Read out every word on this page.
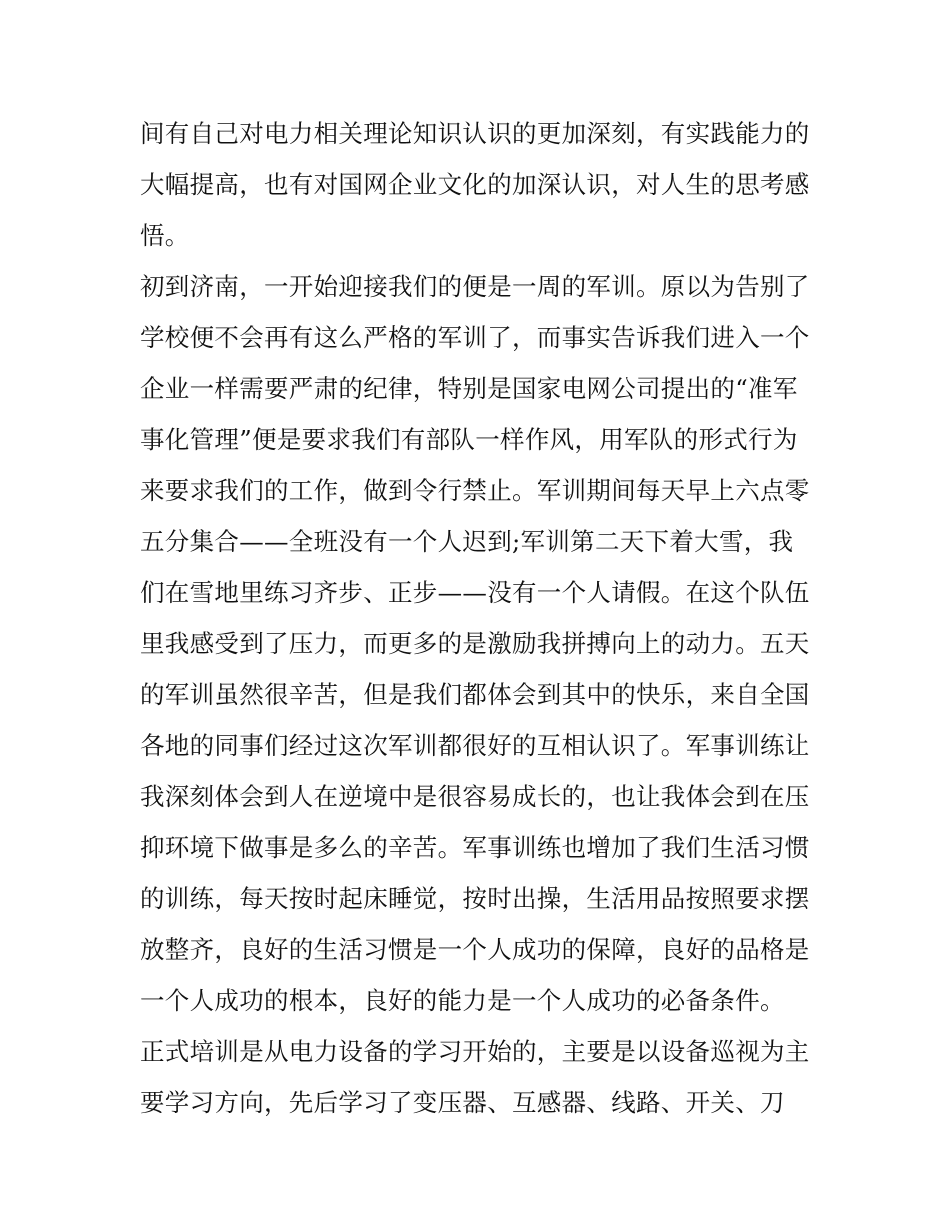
间有自己对电力相关理论知识认识的更加深刻，有实践能力的
大幅提高，也有对国网企业文化的加深认识，对人生的思考感
悟。
初到济南，一开始迎接我们的便是一周的军训。原以为告别了
学校便不会再有这么严格的军训了，而事实告诉我们进入一个
企业一样需要严肃的纪律，特别是国家电网公司提出的“准军
事化管理”便是要求我们有部队一样作风，用军队的形式行为
来要求我们的工作，做到令行禁止。军训期间每天早上六点零
五分集合——全班没有一个人迟到;军训第二天下着大雪，我
们在雪地里练习齐步、正步——没有一个人请假。在这个队伍
里我感受到了压力，而更多的是激励我拼搏向上的动力。五天
的军训虽然很辛苦，但是我们都体会到其中的快乐，来自全国
各地的同事们经过这次军训都很好的互相认识了。军事训练让
我深刻体会到人在逆境中是很容易成长的，也让我体会到在压
抑环境下做事是多么的辛苦。军事训练也增加了我们生活习惯
的训练，每天按时起床睡觉，按时出操，生活用品按照要求摆
放整齐，良好的生活习惯是一个人成功的保障，良好的品格是
一个人成功的根本，良好的能力是一个人成功的必备条件。
正式培训是从电力设备的学习开始的，主要是以设备巡视为主
要学习方向，先后学习了变压器、互感器、线路、开关、刀
